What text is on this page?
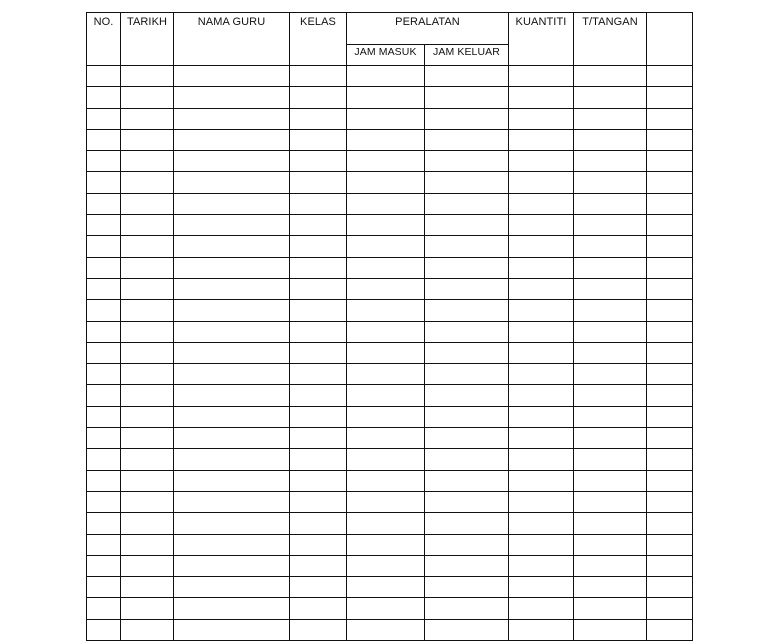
NO.	TARIKH	NAMA GURU	KELAS	PERALATAN		KUANTITI	T/TANGAN	
				JAM MASUK	JAM KELUAR			
